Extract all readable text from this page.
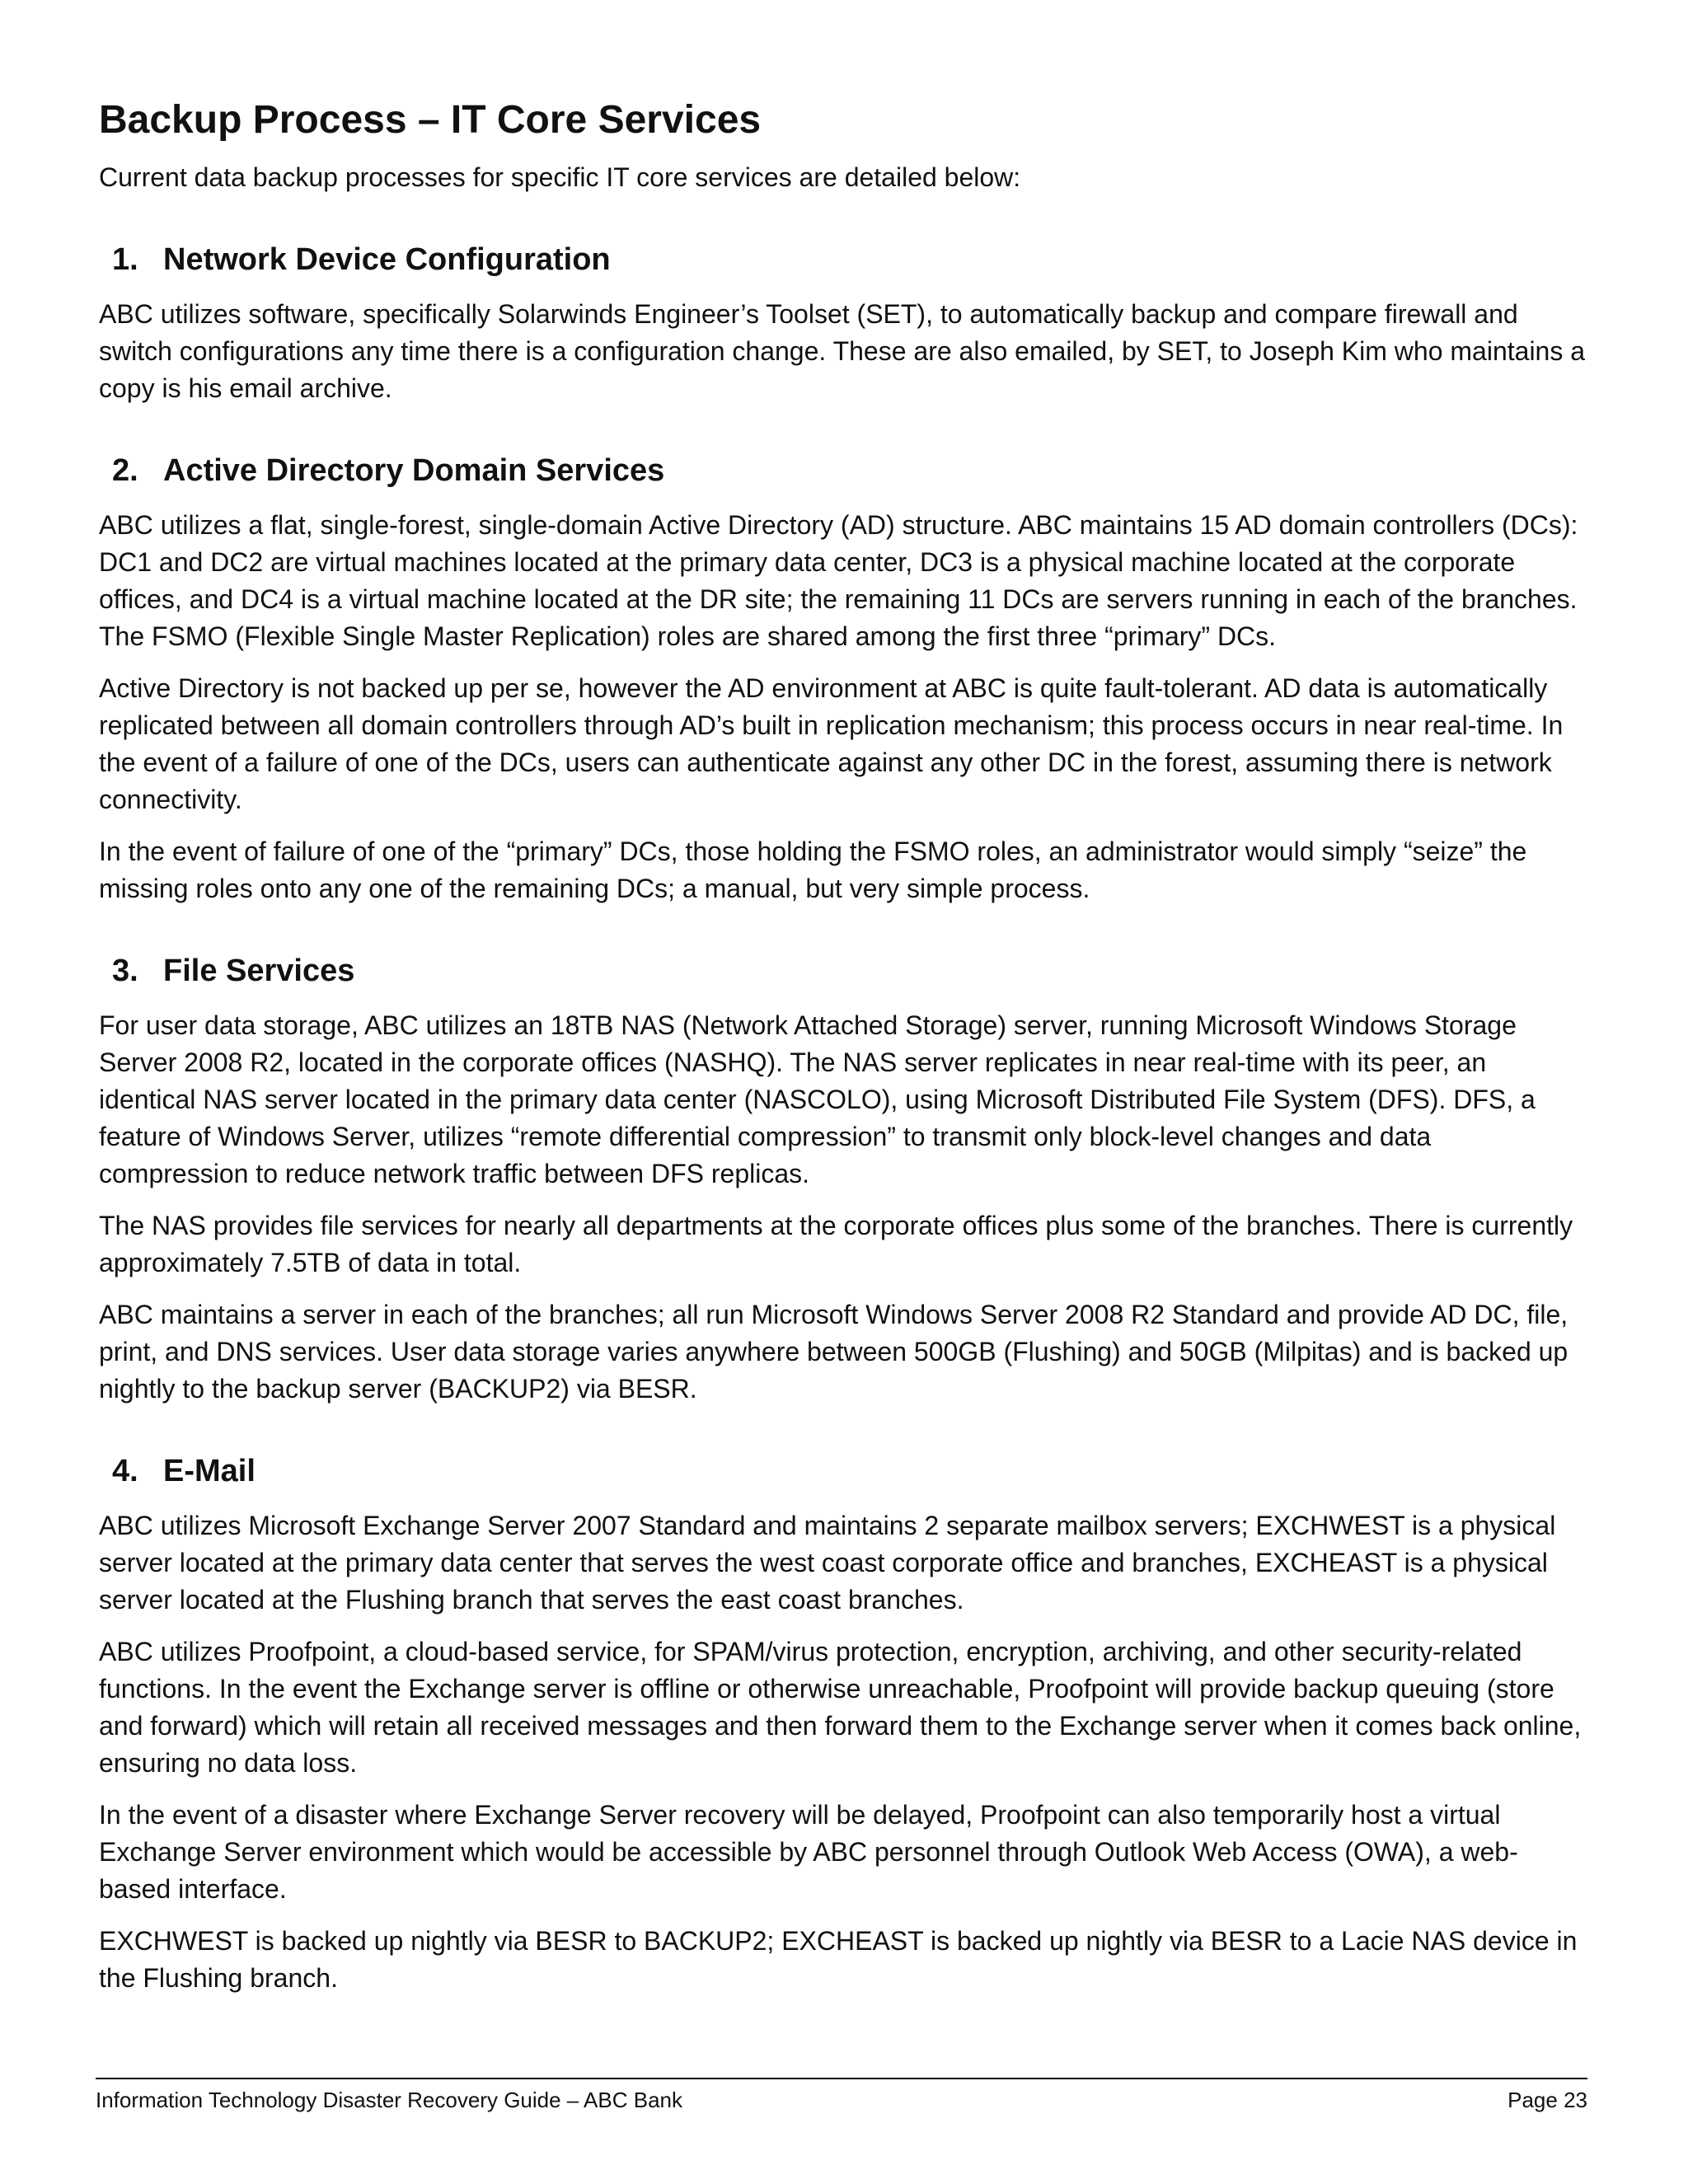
Backup Process – IT Core Services

Current data backup processes for specific IT core services are detailed below:

1. Network Device Configuration

ABC utilizes software, specifically Solarwinds Engineer’s Toolset (SET), to automatically backup and compare firewall and switch configurations any time there is a configuration change. These are also emailed, by SET, to Joseph Kim who maintains a copy is his email archive.

2. Active Directory Domain Services

ABC utilizes a flat, single-forest, single-domain Active Directory (AD) structure. ABC maintains 15 AD domain controllers (DCs): DC1 and DC2 are virtual machines located at the primary data center, DC3 is a physical machine located at the corporate offices, and DC4 is a virtual machine located at the DR site; the remaining 11 DCs are servers running in each of the branches. The FSMO (Flexible Single Master Replication) roles are shared among the first three “primary” DCs.

Active Directory is not backed up per se, however the AD environment at ABC is quite fault-tolerant. AD data is automatically replicated between all domain controllers through AD’s built in replication mechanism; this process occurs in near real-time. In the event of a failure of one of the DCs, users can authenticate against any other DC in the forest, assuming there is network connectivity.

In the event of failure of one of the “primary” DCs, those holding the FSMO roles, an administrator would simply “seize” the missing roles onto any one of the remaining DCs; a manual, but very simple process.

3. File Services

For user data storage, ABC utilizes an 18TB NAS (Network Attached Storage) server, running Microsoft Windows Storage Server 2008 R2, located in the corporate offices (NASHQ). The NAS server replicates in near real-time with its peer, an identical NAS server located in the primary data center (NASCOLO), using Microsoft Distributed File System (DFS). DFS, a feature of Windows Server, utilizes “remote differential compression” to transmit only block-level changes and data compression to reduce network traffic between DFS replicas.

The NAS provides file services for nearly all departments at the corporate offices plus some of the branches. There is currently approximately 7.5TB of data in total.

ABC maintains a server in each of the branches; all run Microsoft Windows Server 2008 R2 Standard and provide AD DC, file, print, and DNS services. User data storage varies anywhere between 500GB (Flushing) and 50GB (Milpitas) and is backed up nightly to the backup server (BACKUP2) via BESR.

4. E-Mail

ABC utilizes Microsoft Exchange Server 2007 Standard and maintains 2 separate mailbox servers; EXCHWEST is a physical server located at the primary data center that serves the west coast corporate office and branches, EXCHEAST is a physical server located at the Flushing branch that serves the east coast branches.

ABC utilizes Proofpoint, a cloud-based service, for SPAM/virus protection, encryption, archiving, and other security-related functions. In the event the Exchange server is offline or otherwise unreachable, Proofpoint will provide backup queuing (store and forward) which will retain all received messages and then forward them to the Exchange server when it comes back online, ensuring no data loss.

In the event of a disaster where Exchange Server recovery will be delayed, Proofpoint can also temporarily host a virtual Exchange Server environment which would be accessible by ABC personnel through Outlook Web Access (OWA), a web-based interface.

EXCHWEST is backed up nightly via BESR to BACKUP2; EXCHEAST is backed up nightly via BESR to a Lacie NAS device in the Flushing branch.

Information Technology Disaster Recovery Guide – ABC Bank	Page 23
